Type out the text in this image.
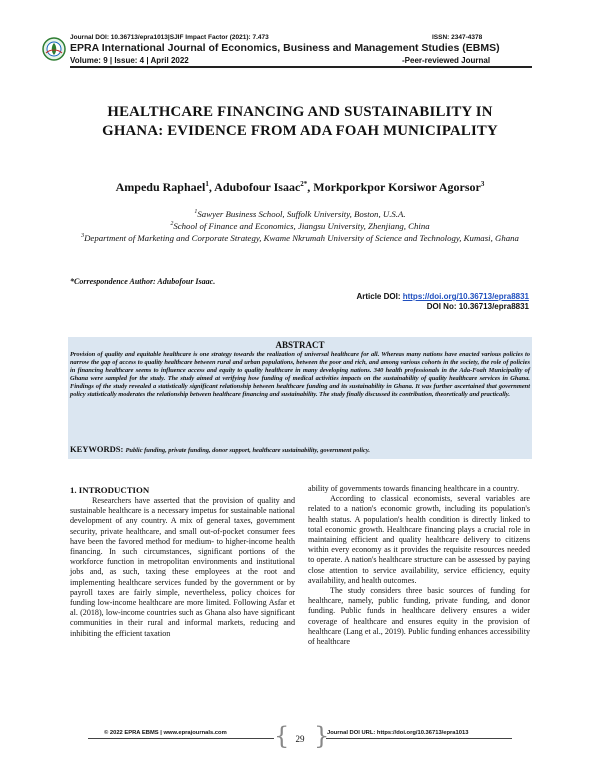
Journal DOI: 10.36713/epra1013|SJIF Impact Factor (2021): 7.473	ISSN: 2347-4378
EPRA International Journal of Economics, Business and Management Studies (EBMS)
Volume: 9 | Issue: 4 | April 2022	-Peer-reviewed Journal
HEALTHCARE FINANCING AND SUSTAINABILITY IN
GHANA: EVIDENCE FROM ADA FOAH MUNICIPALITY
Ampedu Raphael$^1$, Adubofour Isaac$^{2*}$, Morkporkpor Korsiwor Agorsor$^3$
$^1$Sawyer Business School, Suffolk University, Boston, U.S.A.
$^2$School of Finance and Economics, Jiangsu University, Zhenjiang, China
$^3$Department of Marketing and Corporate Strategy, Kwame Nkrumah University of Science and Technology, Kumasi, Ghana
*Correspondence Author: Adubofour Isaac.
Article DOI: https://doi.org/10.36713/epra8831
DOI No: 10.36713/epra8831
ABSTRACT
Provision of quality and equitable healthcare is one strategy towards the realization of universal healthcare for all. Whereas many nations have enacted various policies to narrow the gap of access to quality healthcare between rural and urban populations, between the poor and rich, and among various cohorts in the society, the role of policies in financing healthcare seems to influence access and equity to quality healthcare in many developing nations. 340 health professionals in the Ada-Foah Municipality of Ghana were sampled for the study. The study aimed at verifying how funding of medical activities impacts on the sustainability of quality healthcare services in Ghana. Findings of the study revealed a statistically significant relationship between healthcare funding and its sustainability in Ghana. It was further ascertained that government policy statistically moderates the relationship between healthcare financing and sustainability. The study finally discussed its contribution, theoretically and practically.
KEYWORDS: Public funding, private funding, donor support, healthcare sustainability, government policy.
1. INTRODUCTION

Researchers have asserted that the provision of quality and sustainable healthcare is a necessary impetus for sustainable national development of any country. A mix of general taxes, government security, private healthcare, and small out-of-pocket consumer fees have been the favored method for medium- to higher-income health financing. In such circumstances, significant portions of the workforce function in metropolitan environments and institutional jobs and, as such, taxing these employees at the root and implementing healthcare services funded by the government or by payroll taxes are fairly simple, nevertheless, policy choices for funding low-income healthcare are more limited. Following Asfar et al. (2018), low-income countries such as Ghana also have significant communities in their rural and informal markets, reducing and inhibiting the efficient taxation

ability of governments towards financing healthcare in a country.

According to classical economists, several variables are related to a nation's economic growth, including its population's health status. A population's health condition is directly linked to total economic growth. Healthcare financing plays a crucial role in maintaining efficient and quality healthcare delivery to citizens within every economy as it provides the requisite resources needed to operate. A nation's healthcare structure can be assessed by paying close attention to service availability, service efficiency, equity availability, and health outcomes.

The study considers three basic sources of funding for healthcare, namely, public funding, private funding, and donor funding. Public funds in healthcare delivery ensures a wider coverage of healthcare and ensures equity in the provision of healthcare (Lang et al., 2019). Public funding enhances accessibility of healthcare

© 2022 EPRA EBMS | www.eprajournals.com	Journal DOI URL: https://doi.org/10.36713/epra1013
{ }
29
